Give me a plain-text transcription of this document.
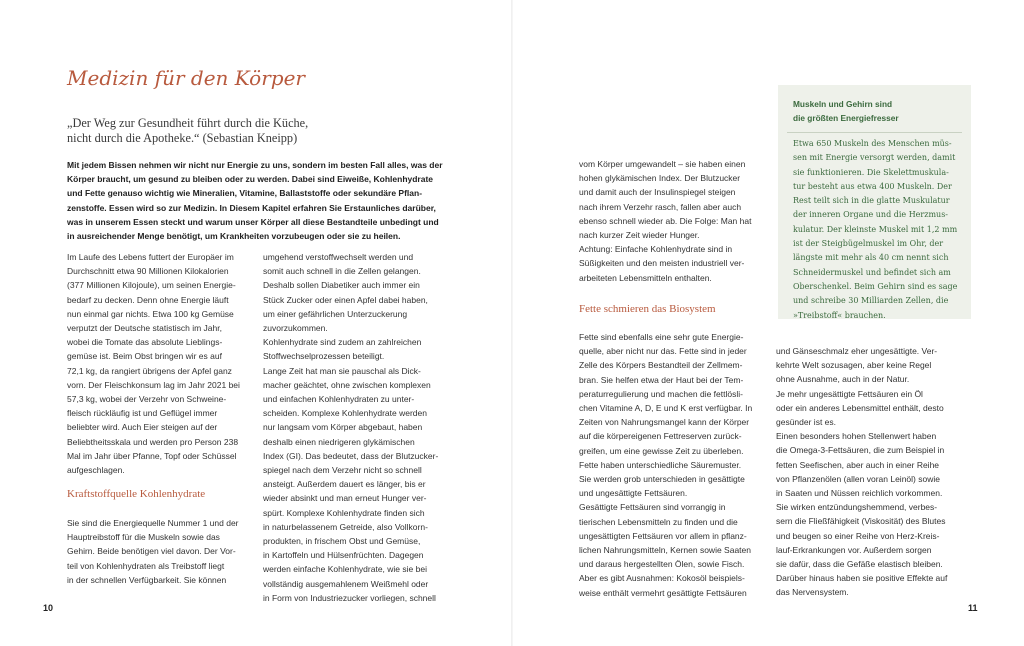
Medizin für den Körper
„Der Weg zur Gesundheit führt durch die Küche,
nicht durch die Apotheke.“ (Sebastian Kneipp)
Mit jedem Bissen nehmen wir nicht nur Energie zu uns, sondern im besten Fall alles, was der
Körper braucht, um gesund zu bleiben oder zu werden. Dabei sind Eiweiße, Kohlenhydrate
und Fette genauso wichtig wie Mineralien, Vitamine, Ballaststoffe oder sekundäre Pflan-
zenstoffe. Essen wird so zur Medizin. In Diesem Kapitel erfahren Sie Erstaunliches darüber,
was in unserem Essen steckt und warum unser Körper all diese Bestandteile unbedingt und
in ausreichender Menge benötigt, um Krankheiten vorzubeugen oder sie zu heilen.
Im Laufe des Lebens futtert der Europäer im
Durchschnitt etwa 90 Millionen Kilokalorien
(377 Millionen Kilojoule), um seinen Energie-
bedarf zu decken. Denn ohne Energie läuft
nun einmal gar nichts. Etwa 100 kg Gemüse
verputzt der Deutsche statistisch im Jahr,
wobei die Tomate das absolute Lieblings-
gemüse ist. Beim Obst bringen wir es auf
72,1 kg, da rangiert übrigens der Apfel ganz
vorn. Der Fleischkonsum lag im Jahr 2021 bei
57,3 kg, wobei der Verzehr von Schweine-
fleisch rückläufig ist und Geflügel immer
beliebter wird. Auch Eier steigen auf der
Beliebtheitsskala und werden pro Person 238
Mal im Jahr über Pfanne, Topf oder Schüssel
aufgeschlagen.
Kraftstoffquelle Kohlenhydrate
Sie sind die Energiequelle Nummer 1 und der
Hauptreibstoff für die Muskeln sowie das
Gehirn. Beide benötigen viel davon. Der Vor-
teil von Kohlenhydraten als Treibstoff liegt
in der schnellen Verfügbarkeit. Sie können
umgehend verstoffwechselt werden und
somit auch schnell in die Zellen gelangen.
Deshalb sollen Diabetiker auch immer ein
Stück Zucker oder einen Apfel dabei haben,
um einer gefährlichen Unterzuckerung
zuvorzukommen.
Kohlenhydrate sind zudem an zahlreichen
Stoffwechselprozessen beteiligt.
Lange Zeit hat man sie pauschal als Dick-
macher geächtet, ohne zwischen komplexen
und einfachen Kohlenhydraten zu unter-
scheiden. Komplexe Kohlenhydrate werden
nur langsam vom Körper abgebaut, haben
deshalb einen niedrigeren glykämischen
Index (GI). Das bedeutet, dass der Blutzucker-
spiegel nach dem Verzehr nicht so schnell
ansteigt. Außerdem dauert es länger, bis er
wieder absinkt und man erneut Hunger ver-
spürt. Komplexe Kohlenhydrate finden sich
in naturbelassenem Getreide, also Vollkorn-
produkten, in frischem Obst und Gemüse,
in Kartoffeln und Hülsenfrüchten. Dagegen
werden einfache Kohlenhydrate, wie sie bei
vollständig ausgemahlenem Weißmehl oder
in Form von Industriezucker vorliegen, schnell
vom Körper umgewandelt – sie haben einen
hohen glykämischen Index. Der Blutzucker
und damit auch der Insulinspiegel steigen
nach ihrem Verzehr rasch, fallen aber auch
ebenso schnell wieder ab. Die Folge: Man hat
nach kurzer Zeit wieder Hunger.
Achtung: Einfache Kohlenhydrate sind in
Süßigkeiten und den meisten industriell ver-
arbeiteten Lebensmitteln enthalten.
Fette schmieren das Biosystem
Fette sind ebenfalls eine sehr gute Energie-
quelle, aber nicht nur das. Fette sind in jeder
Zelle des Körpers Bestandteil der Zellmem-
bran. Sie helfen etwa der Haut bei der Tem-
peraturregulierung und machen die fettlösli-
chen Vitamine A, D, E und K erst verfügbar. In
Zeiten von Nahrungsmangel kann der Körper
auf die körpereigenen Fettreserven zurück-
greifen, um eine gewisse Zeit zu überleben.
Fette haben unterschiedliche Säuremuster.
Sie werden grob unterschieden in gesättigte
und ungesättigte Fettsäuren.
Gesättigte Fettsäuren sind vorrangig in
tierischen Lebensmitteln zu finden und die
ungesättigten Fettsäuren vor allem in pflanz-
lichen Nahrungsmitteln, Kernen sowie Saaten
und daraus hergestellten Ölen, sowie Fisch.
Aber es gibt Ausnahmen: Kokosöl beispiels-
weise enthält vermehrt gesättigte Fettsäuren
Muskeln und Gehirn sind
die größten Energiefresser
Etwa 650 Muskeln des Menschen müs-
sen mit Energie versorgt werden, damit
sie funktionieren. Die Skelettmuskula-
tur besteht aus etwa 400 Muskeln. Der
Rest teilt sich in die glatte Muskulatur
der inneren Organe und die Herzmus-
kulatur. Der kleinste Muskel mit 1,2 mm
ist der Steigbügelmuskel im Ohr, der
längste mit mehr als 40 cm nennt sich
Schneidermuskel und befindet sich am
Oberschenkel. Beim Gehirn sind es sage
und schreibe 30 Milliarden Zellen, die
»Treibstoff« brauchen.
und Gänseschmalz eher ungesättigte. Ver-
kehrte Welt sozusagen, aber keine Regel
ohne Ausnahme, auch in der Natur.
Je mehr ungesättigte Fettsäuren ein Öl
oder ein anderes Lebensmittel enthält, desto
gesünder ist es.
Einen besonders hohen Stellenwert haben
die Omega-3-Fettsäuren, die zum Beispiel in
fetten Seefischen, aber auch in einer Reihe
von Pflanzenölen (allen voran Leinöl) sowie
in Saaten und Nüssen reichlich vorkommen.
Sie wirken entzündungshemmend, verbes-
sern die Fließfähigkeit (Viskosität) des Blutes
und beugen so einer Reihe von Herz-Kreis-
lauf-Erkrankungen vor. Außerdem sorgen
sie dafür, dass die Gefäße elastisch bleiben.
Darüber hinaus haben sie positive Effekte auf
das Nervensystem.
10	11
